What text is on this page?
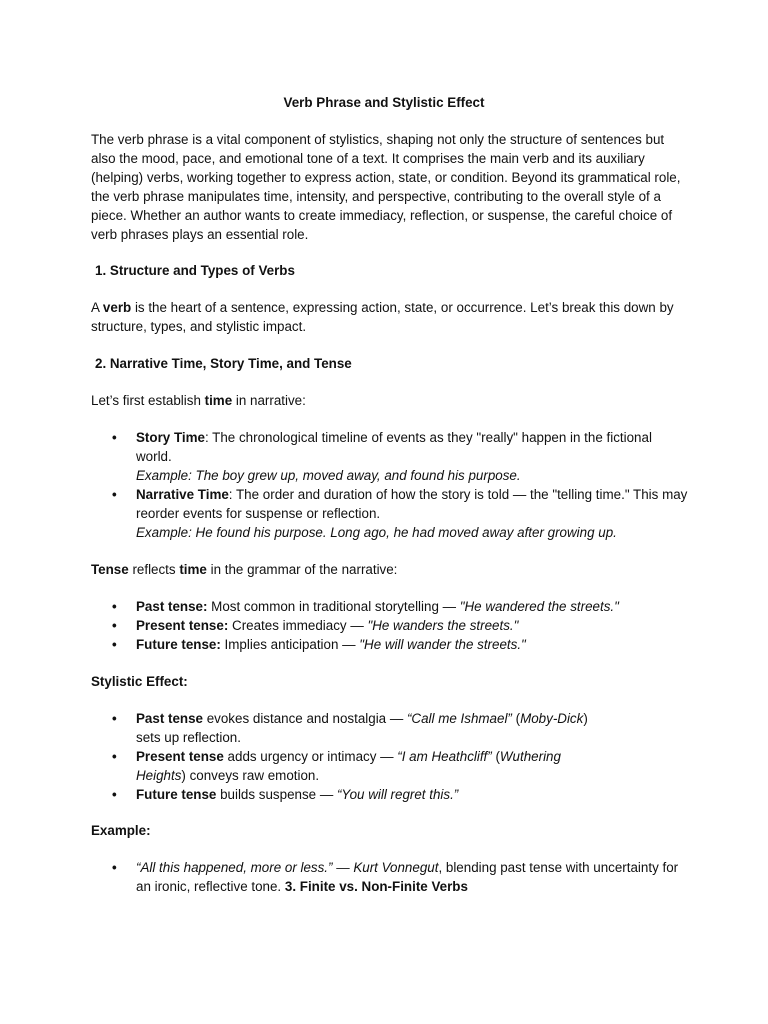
Verb Phrase and Stylistic Effect
The verb phrase is a vital component of stylistics, shaping not only the structure of sentences but also the mood, pace, and emotional tone of a text. It comprises the main verb and its auxiliary (helping) verbs, working together to express action, state, or condition. Beyond its grammatical role, the verb phrase manipulates time, intensity, and perspective, contributing to the overall style of a piece. Whether an author wants to create immediacy, reflection, or suspense, the careful choice of verb phrases plays an essential role.
1. Structure and Types of Verbs
A verb is the heart of a sentence, expressing action, state, or occurrence. Let’s break this down by structure, types, and stylistic impact.
2. Narrative Time, Story Time, and Tense
Let’s first establish time in narrative:
• Story Time: The chronological timeline of events as they "really" happen in the fictional world.
Example: The boy grew up, moved away, and found his purpose.
• Narrative Time: The order and duration of how the story is told — the "telling time." This may reorder events for suspense or reflection.
Example: He found his purpose. Long ago, he had moved away after growing up.
Tense reflects time in the grammar of the narrative:
• Past tense: Most common in traditional storytelling — "He wandered the streets."
• Present tense: Creates immediacy — "He wanders the streets."
• Future tense: Implies anticipation — "He will wander the streets."
Stylistic Effect:
• Past tense evokes distance and nostalgia — “Call me Ishmael” (Moby-Dick) sets up reflection.
• Present tense adds urgency or intimacy — “I am Heathcliff” (Wuthering Heights) conveys raw emotion.
• Future tense builds suspense — “You will regret this.”
Example:
• “All this happened, more or less.” — Kurt Vonnegut, blending past tense with uncertainty for an ironic, reflective tone. 3. Finite vs. Non-Finite Verbs
